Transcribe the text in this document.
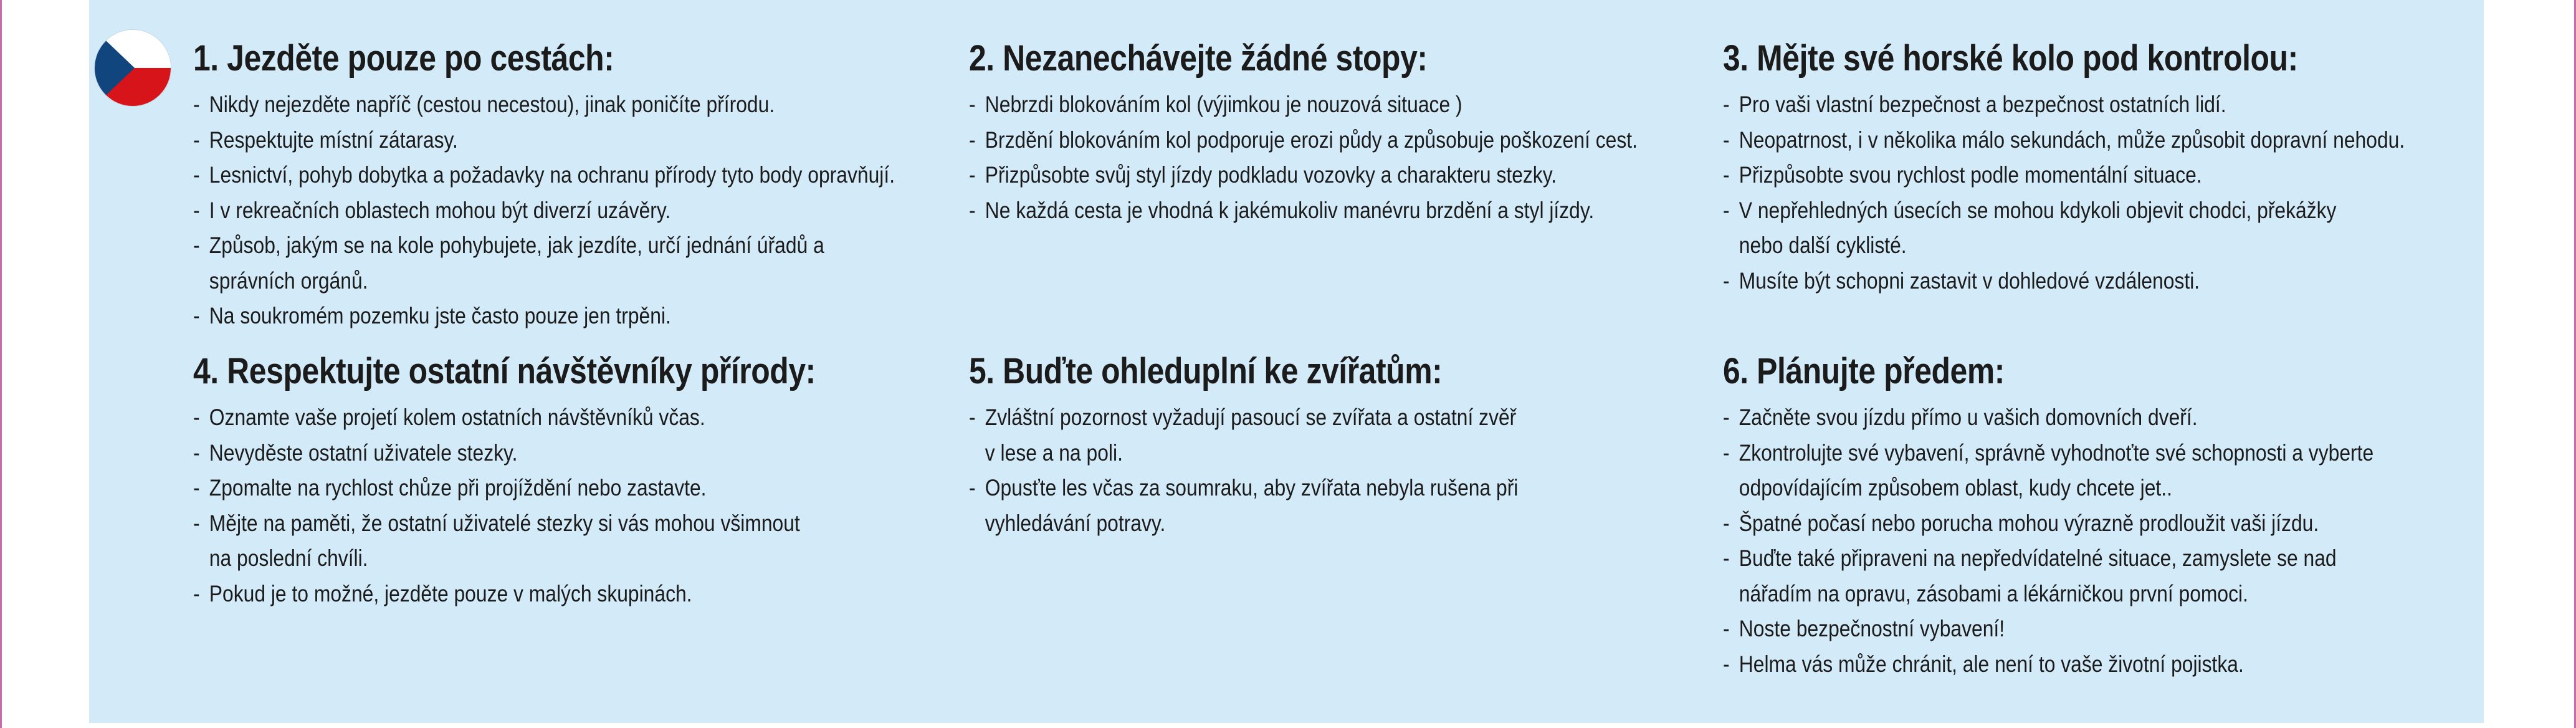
1. Jezděte pouze po cestách:
- Nikdy nejezděte napříč (cestou necestou), jinak poničíte přírodu.
- Respektujte místní zátarasy.
- Lesnictví, pohyb dobytka a požadavky na ochranu přírody tyto body opravňují.
- I v rekreačních oblastech mohou být diverzí uzávěry.
- Způsob, jakým se na kole pohybujete, jak jezdíte, určí jednání úřadů a
správních orgánů.
- Na soukromém pozemku jste často pouze jen trpěni.
2. Nezanechávejte žádné stopy:
- Nebrzdi blokováním kol (výjimkou je nouzová situace )
- Brzdění blokováním kol podporuje erozi půdy a způsobuje poškození cest.
- Přizpůsobte svůj styl jízdy podkladu vozovky a charakteru stezky.
- Ne každá cesta je vhodná k jakémukoliv manévru brzdění a styl jízdy.
3. Mějte své horské kolo pod kontrolou:
- Pro vaši vlastní bezpečnost a bezpečnost ostatních lidí.
- Neopatrnost, i v několika málo sekundách, může způsobit dopravní nehodu.
- Přizpůsobte svou rychlost podle momentální situace.
- V nepřehledných úsecích se mohou kdykoli objevit chodci, překážky
nebo další cyklisté.
- Musíte být schopni zastavit v dohledové vzdálenosti.
4. Respektujte ostatní návštěvníky přírody:
- Oznamte vaše projetí kolem ostatních návštěvníků včas.
- Nevyděste ostatní uživatele stezky.
- Zpomalte na rychlost chůze při projíždění nebo zastavte.
- Mějte na paměti, že ostatní uživatelé stezky si vás mohou všimnout
na poslední chvíli.
- Pokud je to možné, jezděte pouze v malých skupinách.
5. Buďte ohleduplní ke zvířatům:
- Zvláštní pozornost vyžadují pasoucí se zvířata a ostatní zvěř
v lese a na poli.
- Opusťte les včas za soumraku, aby zvířata nebyla rušena při
vyhledávání potravy.
6. Plánujte předem:
- Začněte svou jízdu přímo u vašich domovních dveří.
- Zkontrolujte své vybavení, správně vyhodnoťte své schopnosti a vyberte
odpovídajícím způsobem oblast, kudy chcete jet..
- Špatné počasí nebo porucha mohou výrazně prodloužit vaši jízdu.
- Buďte také připraveni na nepředvídatelné situace, zamyslete se nad
nářadím na opravu, zásobami a lékárničkou první pomoci.
- Noste bezpečnostní vybavení!
- Helma vás může chránit, ale není to vaše životní pojistka.
